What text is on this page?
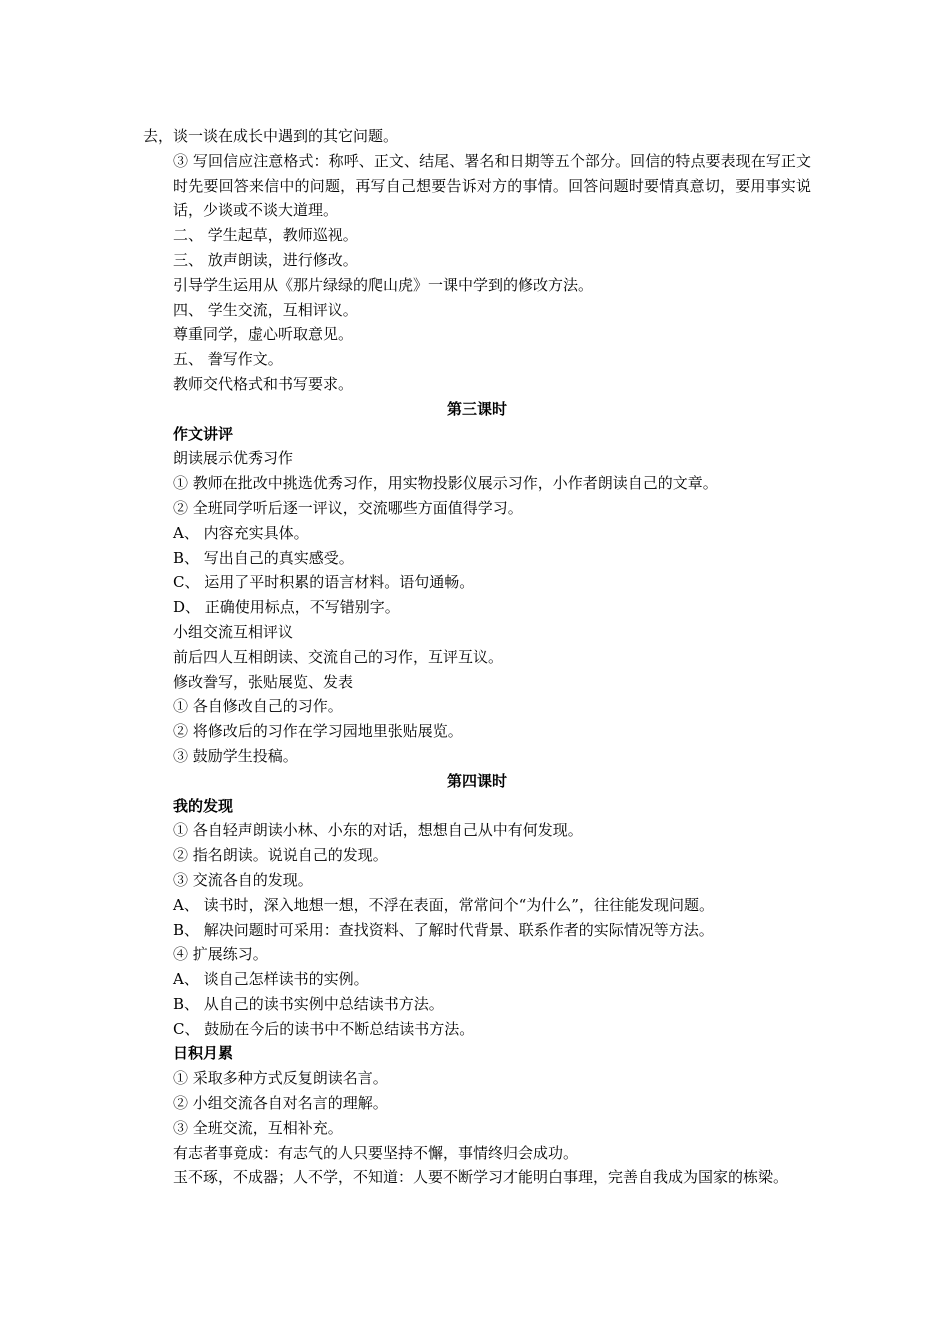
去，谈一谈在成长中遇到的其它问题。
③ 写回信应注意格式：称呼、正文、结尾、署名和日期等五个部分。回信的特点要表现在写正文时先要回答来信中的问题，再写自己想要告诉对方的事情。回答问题时要情真意切，要用事实说话，少谈或不谈大道理。
二、 学生起草，教师巡视。
三、 放声朗读，进行修改。
引导学生运用从《那片绿绿的爬山虎》一课中学到的修改方法。
四、 学生交流，互相评议。
尊重同学，虚心听取意见。
五、 誊写作文。
教师交代格式和书写要求。
第三课时
作文讲评
朗读展示优秀习作
① 教师在批改中挑选优秀习作，用实物投影仪展示习作，小作者朗读自己的文章。
② 全班同学听后逐一评议，交流哪些方面值得学习。
A、 内容充实具体。
B、 写出自己的真实感受。
C、 运用了平时积累的语言材料。语句通畅。
D、 正确使用标点，不写错别字。
小组交流互相评议
前后四人互相朗读、交流自己的习作，互评互议。
修改誊写，张贴展览、发表
① 各自修改自己的习作。
② 将修改后的习作在学习园地里张贴展览。
③ 鼓励学生投稿。
第四课时
我的发现
① 各自轻声朗读小林、小东的对话，想想自己从中有何发现。
② 指名朗读。说说自己的发现。
③ 交流各自的发现。
A、 读书时，深入地想一想，不浮在表面，常常问个“为什么”，往往能发现问题。
B、 解决问题时可采用：查找资料、了解时代背景、联系作者的实际情况等方法。
④ 扩展练习。
A、 谈自己怎样读书的实例。
B、 从自己的读书实例中总结读书方法。
C、 鼓励在今后的读书中不断总结读书方法。
日积月累
① 采取多种方式反复朗读名言。
② 小组交流各自对名言的理解。
③ 全班交流，互相补充。
有志者事竟成：有志气的人只要坚持不懈，事情终归会成功。
玉不琢，不成器；人不学，不知道：人要不断学习才能明白事理，完善自我成为国家的栋梁。
